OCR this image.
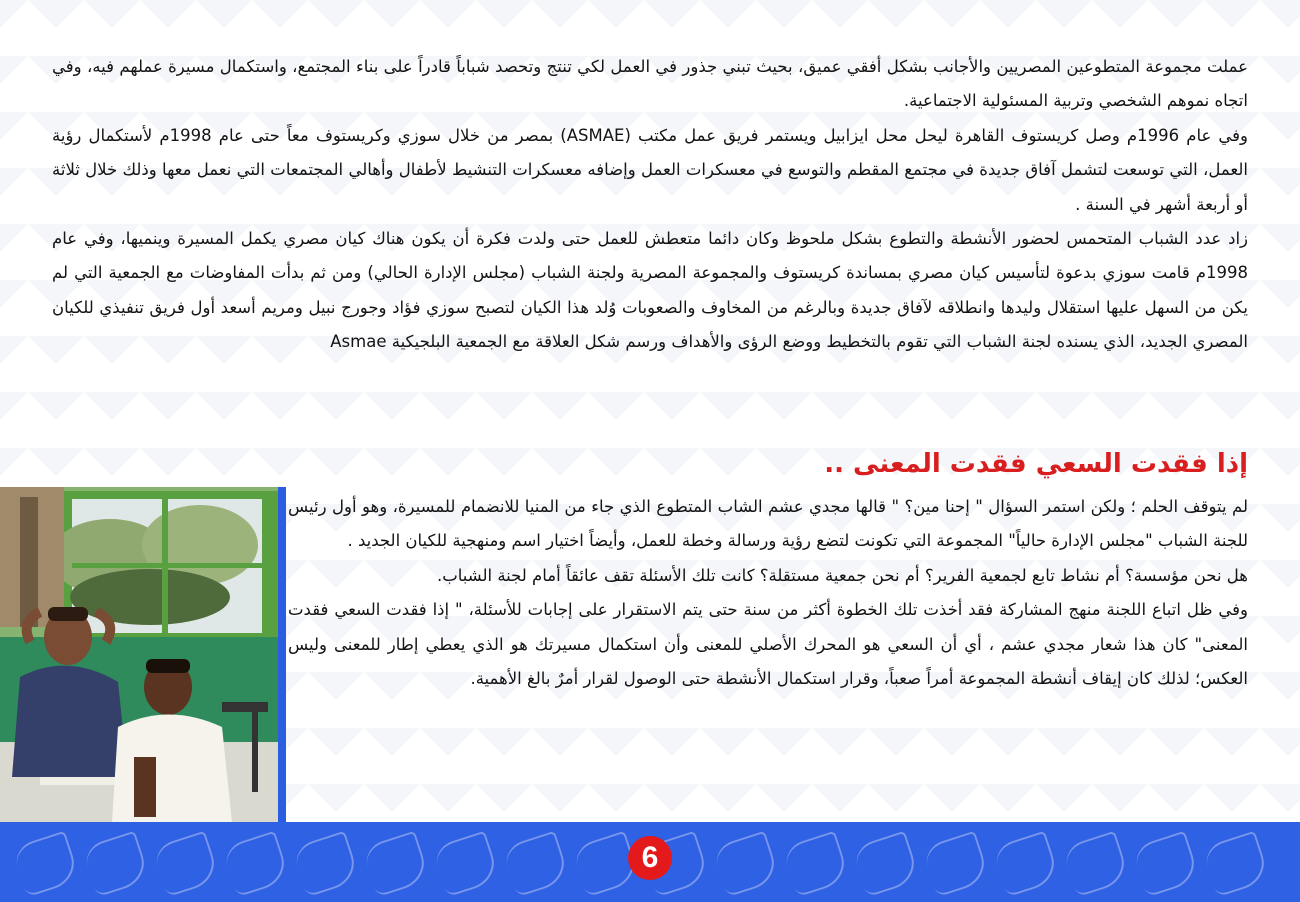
عملت مجموعة المتطوعين المصريين والأجانب بشكل أفقي عميق، بحيث تبني جذور في العمل لكي تنتج وتحصد شباباً قادراً على بناء المجتمع، واستكمال مسيرة عملهم فيه، وفي اتجاه نموهم الشخصي وتربية المسئولية الاجتماعية.

وفي عام 1996م وصل كريستوف القاهرة ليحل محل ايزابيل ويستمر فريق عمل مكتب (ASMAE) بمصر من خلال سوزي وكريستوف معاً حتى عام 1998م لأستكمال رؤية العمل، التي توسعت لتشمل آفاق جديدة في مجتمع المقطم والتوسع في معسكرات العمل وإضافه معسكرات التنشيط لأطفال وأهالي المجتمعات التي نعمل معها وذلك خلال ثلاثة أو أربعة أشهر في السنة .

زاد عدد الشباب المتحمس لحضور الأنشطة والتطوع بشكل ملحوظ وكان دائما متعطش للعمل حتى ولدت فكرة أن يكون هناك كيان مصري يكمل المسيرة وينميها، وفي عام 1998م قامت سوزي بدعوة لتأسيس كيان مصري بمساندة كريستوف والمجموعة المصرية ولجنة الشباب (مجلس الإدارة الحالي) ومن ثم بدأت المفاوضات مع الجمعية التي لم يكن من السهل عليها استقلال وليدها وانطلاقه لآفاق جديدة وبالرغم من المخاوف والصعوبات وُلد هذا الكيان لتصبح سوزي فؤاد وجورج نبيل ومريم أسعد أول فريق تنفيذي للكيان المصري الجديد، الذي يسنده لجنة الشباب التي تقوم بالتخطيط ووضع الرؤى والأهداف ورسم شكل العلاقة مع الجمعية البلجيكية Asmae

إذا فقدت السعي فقدت المعنى ..

لم يتوقف الحلم ؛ ولكن استمر السؤال " إحنا مين؟ " قالها مجدي عشم الشاب المتطوع الذي جاء من المنيا للانضمام للمسيرة، وهو أول رئيس للجنة الشباب "مجلس الإدارة حالياً" المجموعة التي تكونت لتضع رؤية ورسالة وخطة للعمل، وأيضاً اختيار اسم ومنهجية للكيان الجديد .

هل نحن مؤسسة؟ أم نشاط تابع لجمعية الفرير؟ أم نحن جمعية مستقلة؟ كانت تلك الأسئلة تقف عائقاً أمام لجنة الشباب.

وفي ظل اتباع اللجنة منهج المشاركة فقد أخذت تلك الخطوة أكثر من سنة حتى يتم الاستقرار على إجابات للأسئلة، " إذا فقدت السعي فقدت المعنى" كان هذا شعار مجدي عشم ، أي أن السعي هو المحرك الأصلي للمعنى وأن استكمال مسيرتك هو الذي يعطي إطار للمعنى وليس العكس؛ لذلك كان إيقاف أنشطة المجموعة أمراً صعباً، وقرار استكمال الأنشطة حتى الوصول لقرار أمرٌ بالغ الأهمية.

6
